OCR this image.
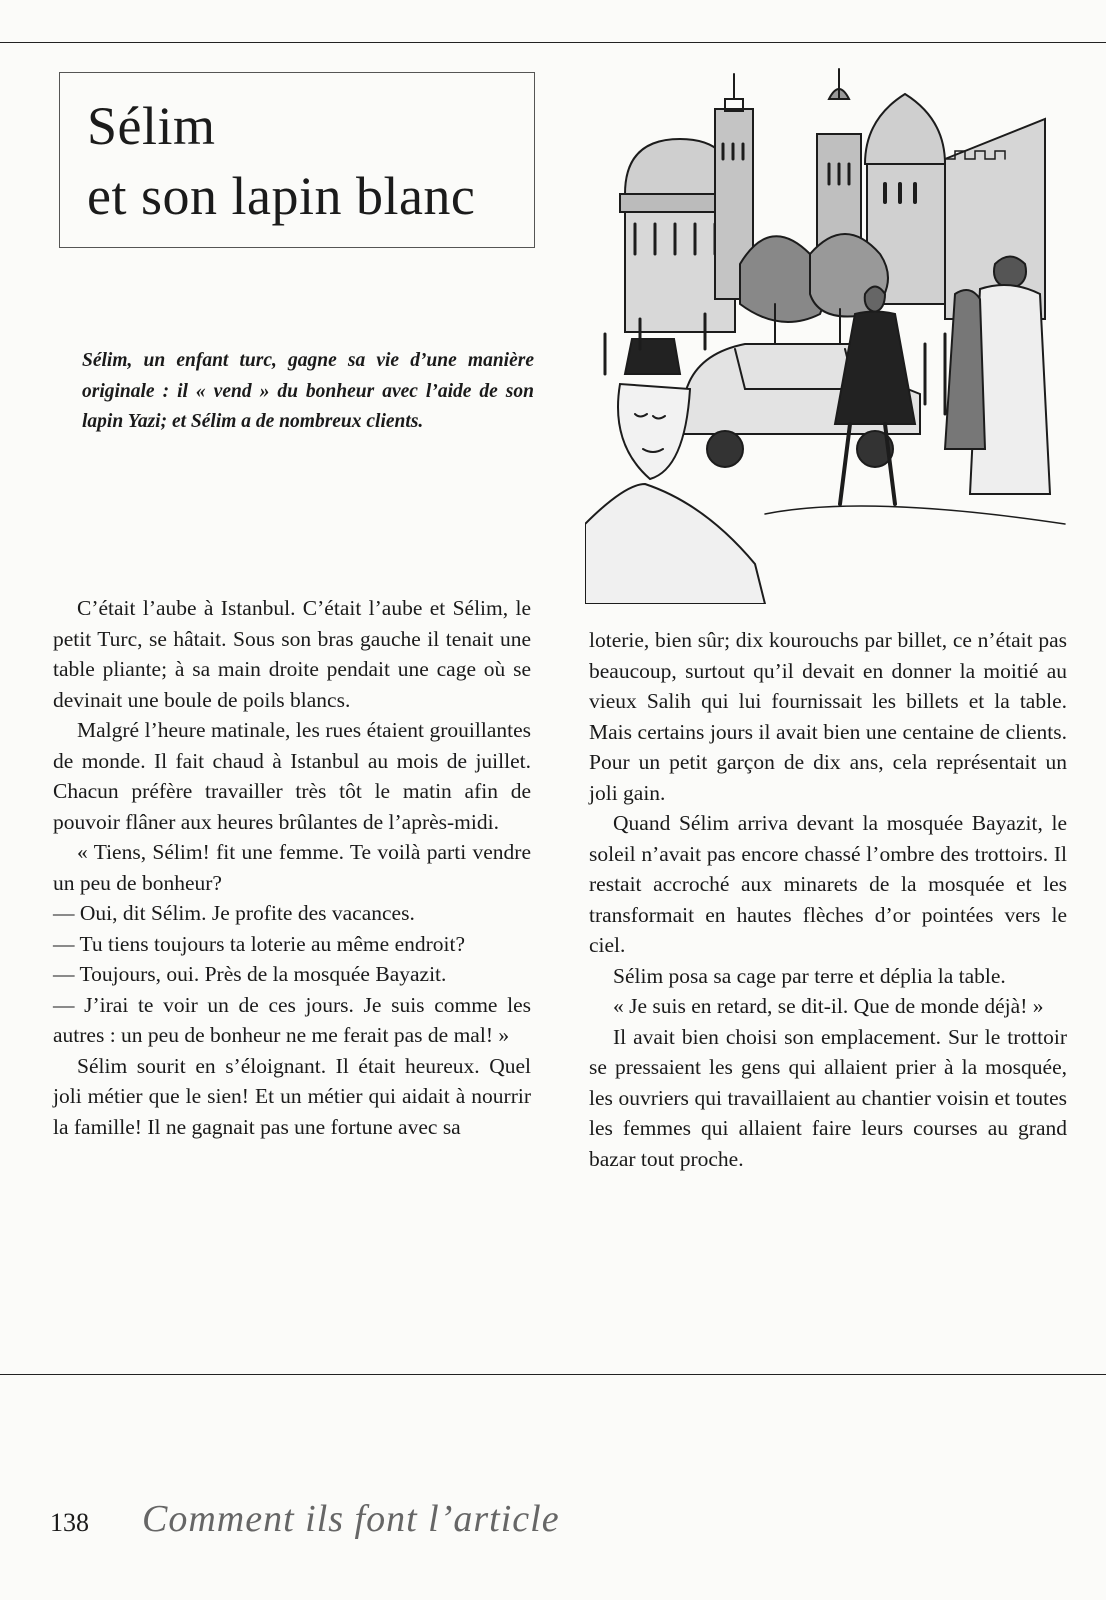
Sélim
et son lapin blanc
Sélim, un enfant turc, gagne sa vie d’une manière originale : il « vend » du bonheur avec l’aide de son lapin Yazi; et Sélim a de nombreux clients.

C’était l’aube à Istanbul. C’était l’aube et Sélim, le petit Turc, se hâtait. Sous son bras gauche il tenait une table pliante; à sa main droite pendait une cage où se devinait une boule de poils blancs.

Malgré l’heure matinale, les rues étaient grouillantes de monde. Il fait chaud à Istanbul au mois de juillet. Chacun préfère travailler très tôt le matin afin de pouvoir flâner aux heures brûlantes de l’après-midi.

« Tiens, Sélim! fit une femme. Te voilà parti vendre un peu de bonheur?

— Oui, dit Sélim. Je profite des vacances.

— Tu tiens toujours ta loterie au même endroit?

— Toujours, oui. Près de la mosquée Bayazit.

— J’irai te voir un de ces jours. Je suis comme les autres : un peu de bonheur ne me ferait pas de mal! »

Sélim sourit en s’éloignant. Il était heureux. Quel joli métier que le sien! Et un métier qui aidait à nourrir la famille! Il ne gagnait pas une fortune avec sa

loterie, bien sûr; dix kourouchs par billet, ce n’était pas beaucoup, surtout qu’il devait en donner la moitié au vieux Salih qui lui fournissait les billets et la table. Mais certains jours il avait bien une centaine de clients. Pour un petit garçon de dix ans, cela représentait un joli gain.

Quand Sélim arriva devant la mosquée Bayazit, le soleil n’avait pas encore chassé l’ombre des trottoirs. Il restait accroché aux minarets de la mosquée et les transformait en hautes flèches d’or pointées vers le ciel.

Sélim posa sa cage par terre et déplia la table.

« Je suis en retard, se dit-il. Que de monde déjà! »

Il avait bien choisi son emplacement. Sur le trottoir se pressaient les gens qui allaient prier à la mosquée, les ouvriers qui travaillaient au chantier voisin et toutes les femmes qui allaient faire leurs courses au grand bazar tout proche.

138 Comment ils font l’article
